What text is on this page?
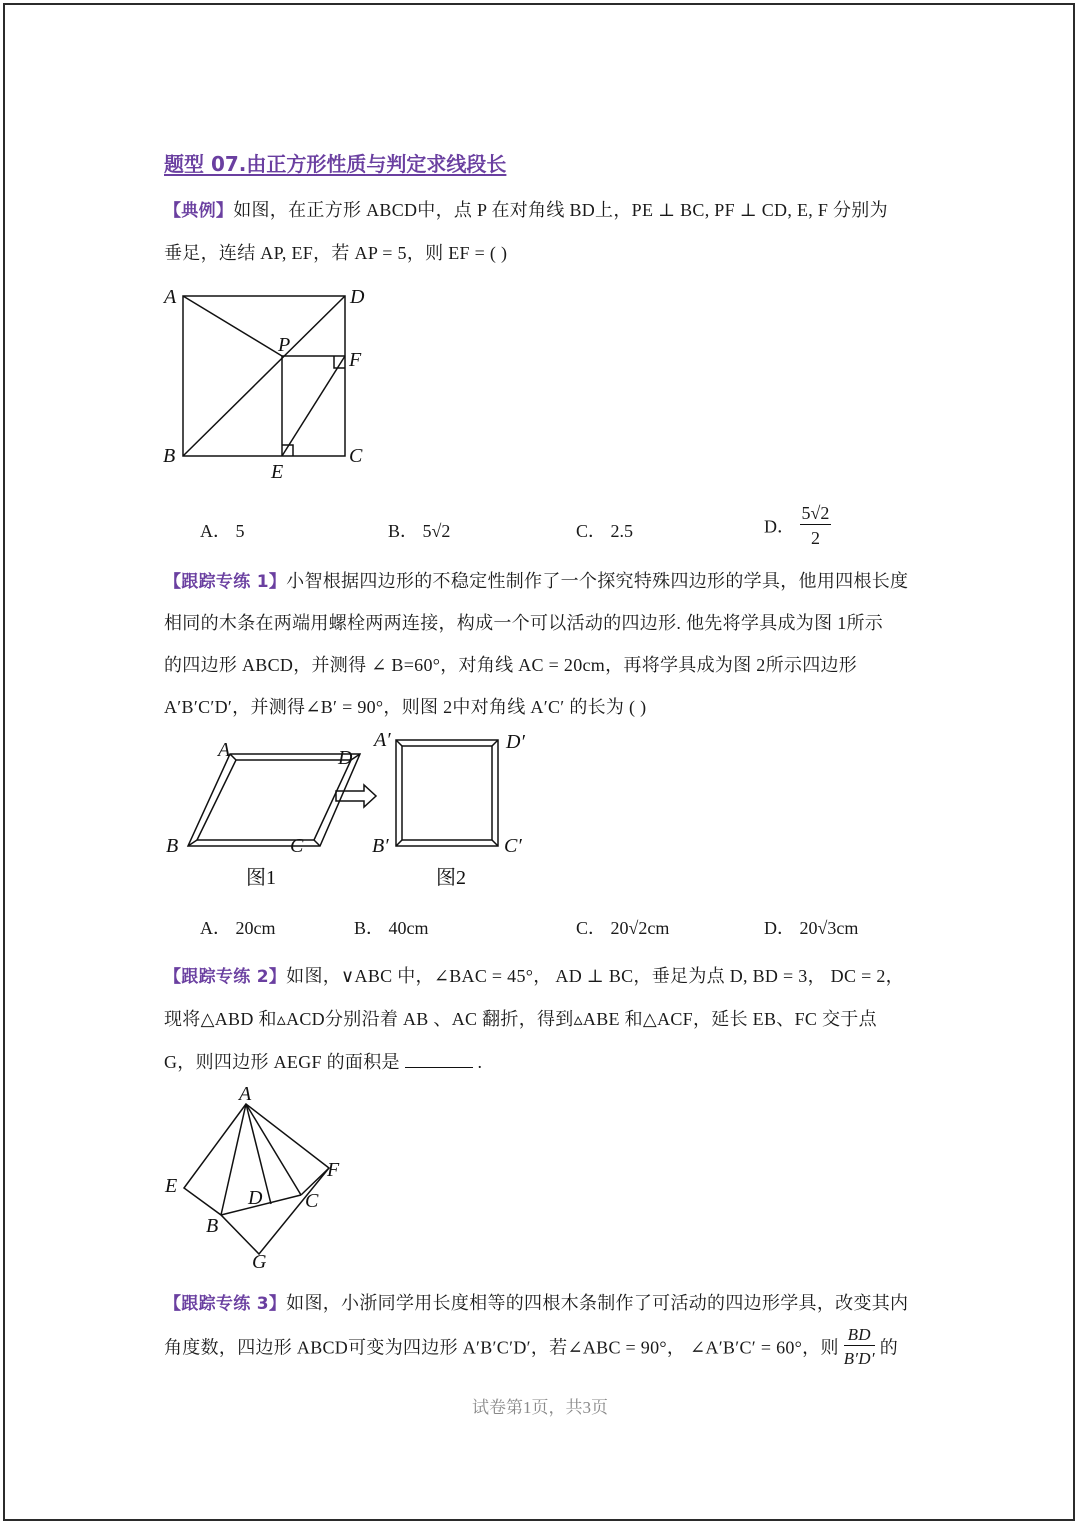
题型 07.由正方形性质与判定求线段长
【典例】如图，在正方形 ABCD中，点 P 在对角线 BD上，PE ⊥ BC, PF ⊥ CD, E, F 分别为
垂足，连结 AP, EF，若 AP = 5，则 EF = ( )
A	D
P
F
B
E
C
A． 5	B． 5√2	C． 2.5	D． $\frac{5√2}{2}$
【跟踪专练 1】小智根据四边形的不稳定性制作了一个探究特殊四边形的学具，他用四根长度
相同的木条在两端用螺栓两两连接，构成一个可以活动的四边形. 他先将学具成为图 1所示
的四边形 ABCD，并测得 ∠ B=60°，对角线 AC = 20cm，再将学具成为图 2所示四边形
A′B′C′D′，并测得∠B′ = 90°，则图 2中对角线 A′C′ 的长为 ( )
A	D
B	C
A′	D′
B′	C′
图1	图2
A． 20cm	B． 40cm	C． 20√2cm	D． 20√3cm
【跟踪专练 2】如图，∨ABC 中，∠BAC = 45°， AD ⊥ BC，垂足为点 D, BD = 3， DC = 2，
现将△ABD 和▵ACD分别沿着 AB 、AC 翻折，得到▵ABE 和△ACF，延长 EB、FC 交于点
G，则四边形 AEGF 的面积是	.
A
E
F
D C
B
G
【跟踪专练 3】如图，小浙同学用长度相等的四根木条制作了可活动的四边形学具，改变其内
角度数，四边形 ABCD可变为四边形 A′B′C′D′，若∠ABC = 90°， ∠A′B′C′ = 60°，则 $\frac{BD}{B'D'}$ 的
试卷第1页，共3页
